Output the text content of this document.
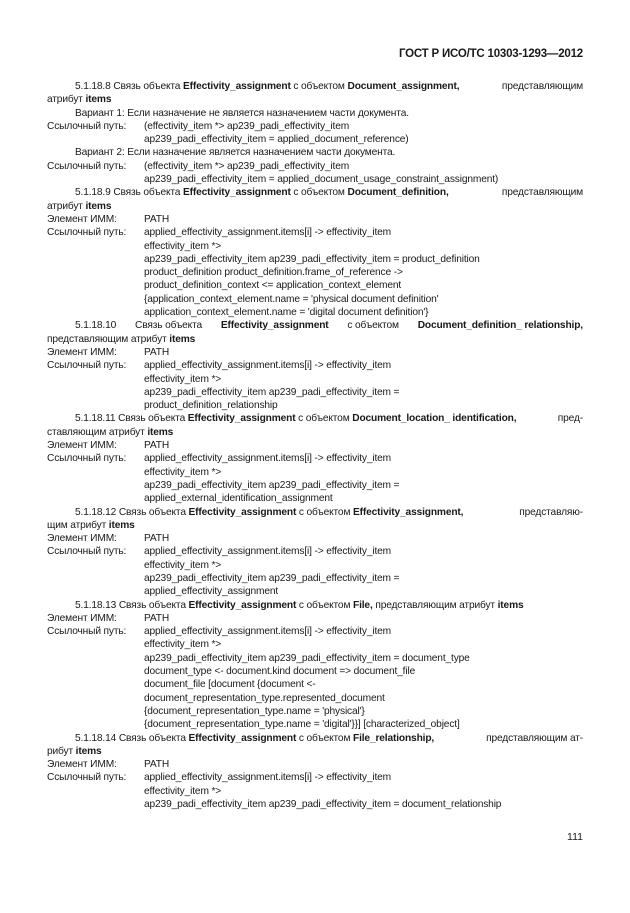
ГОСТ Р ИСО/ТС 10303-1293—2012
5.1.18.8 Связь объекта Effectivity_assignment с объектом Document_assignment,	представляющим
атрибут items
Вариант 1: Если назначение не является назначением части документа.
Ссылочный путь: (effectivity_item *> ap239_padi_effectivity_item
ap239_padi_effectivity_item = applied_document_reference)
Вариант 2: Если назначение является назначением части документа.
Ссылочный путь: (effectivity_item *> ap239_padi_effectivity_item
ap239_padi_effectivity_item = applied_document_usage_constraint_assignment)
5.1.18.9 Связь объекта Effectivity_assignment с объектом Document_definition,	представляющим
атрибут items
Элемент ИММ:	PATH
Ссылочный путь: applied_effectivity_assignment.items[i] -> effectivity_item
effectivity_item *>
ap239_padi_effectivity_item ap239_padi_effectivity_item = product_definition
product_definition product_definition.frame_of_reference ->
product_definition_context <= application_context_element
{application_context_element.name = 'physical document definition'
application_context_element.name = 'digital document definition'}
5.1.18.10 Связь объекта Effectivity_assignment с объектом Document_definition_ relationship,
представляющим атрибут items
Элемент ИММ:	PATH
Ссылочный путь: applied_effectivity_assignment.items[i] -> effectivity_item
effectivity_item *>
ap239_padi_effectivity_item ap239_padi_effectivity_item =
product_definition_relationship
5.1.18.11 Связь объекта Effectivity_assignment с объектом Document_location_ identification,	пред-
ставляющим атрибут items
Элемент ИММ:	PATH
Ссылочный путь: applied_effectivity_assignment.items[i] -> effectivity_item
effectivity_item *>
ap239_padi_effectivity_item ap239_padi_effectivity_item =
applied_external_identification_assignment
5.1.18.12 Связь объекта Effectivity_assignment с объектом Effectivity_assignment,	представляю-
щим атрибут items
Элемент ИММ:	PATH
Ссылочный путь: applied_effectivity_assignment.items[i] -> effectivity_item
effectivity_item *>
ap239_padi_effectivity_item ap239_padi_effectivity_item =
applied_effectivity_assignment
5.1.18.13 Связь объекта Effectivity_assignment с объектом File, представляющим атрибут items
Элемент ИММ:	PATH
Ссылочный путь: applied_effectivity_assignment.items[i] -> effectivity_item
effectivity_item *>
ap239_padi_effectivity_item ap239_padi_effectivity_item = document_type
document_type <- document.kind document => document_file
document_file [document {document <-
document_representation_type.represented_document
{document_representation_type.name = 'physical'}
{document_representation_type.name = 'digital'}}] [characterized_object]
5.1.18.14 Связь объекта Effectivity_assignment с объектом File_relationship,	представляющим ат-
рибут items
Элемент ИММ:	PATH
Ссылочный путь: applied_effectivity_assignment.items[i] -> effectivity_item
effectivity_item *>
ap239_padi_effectivity_item ap239_padi_effectivity_item = document_relationship
111
